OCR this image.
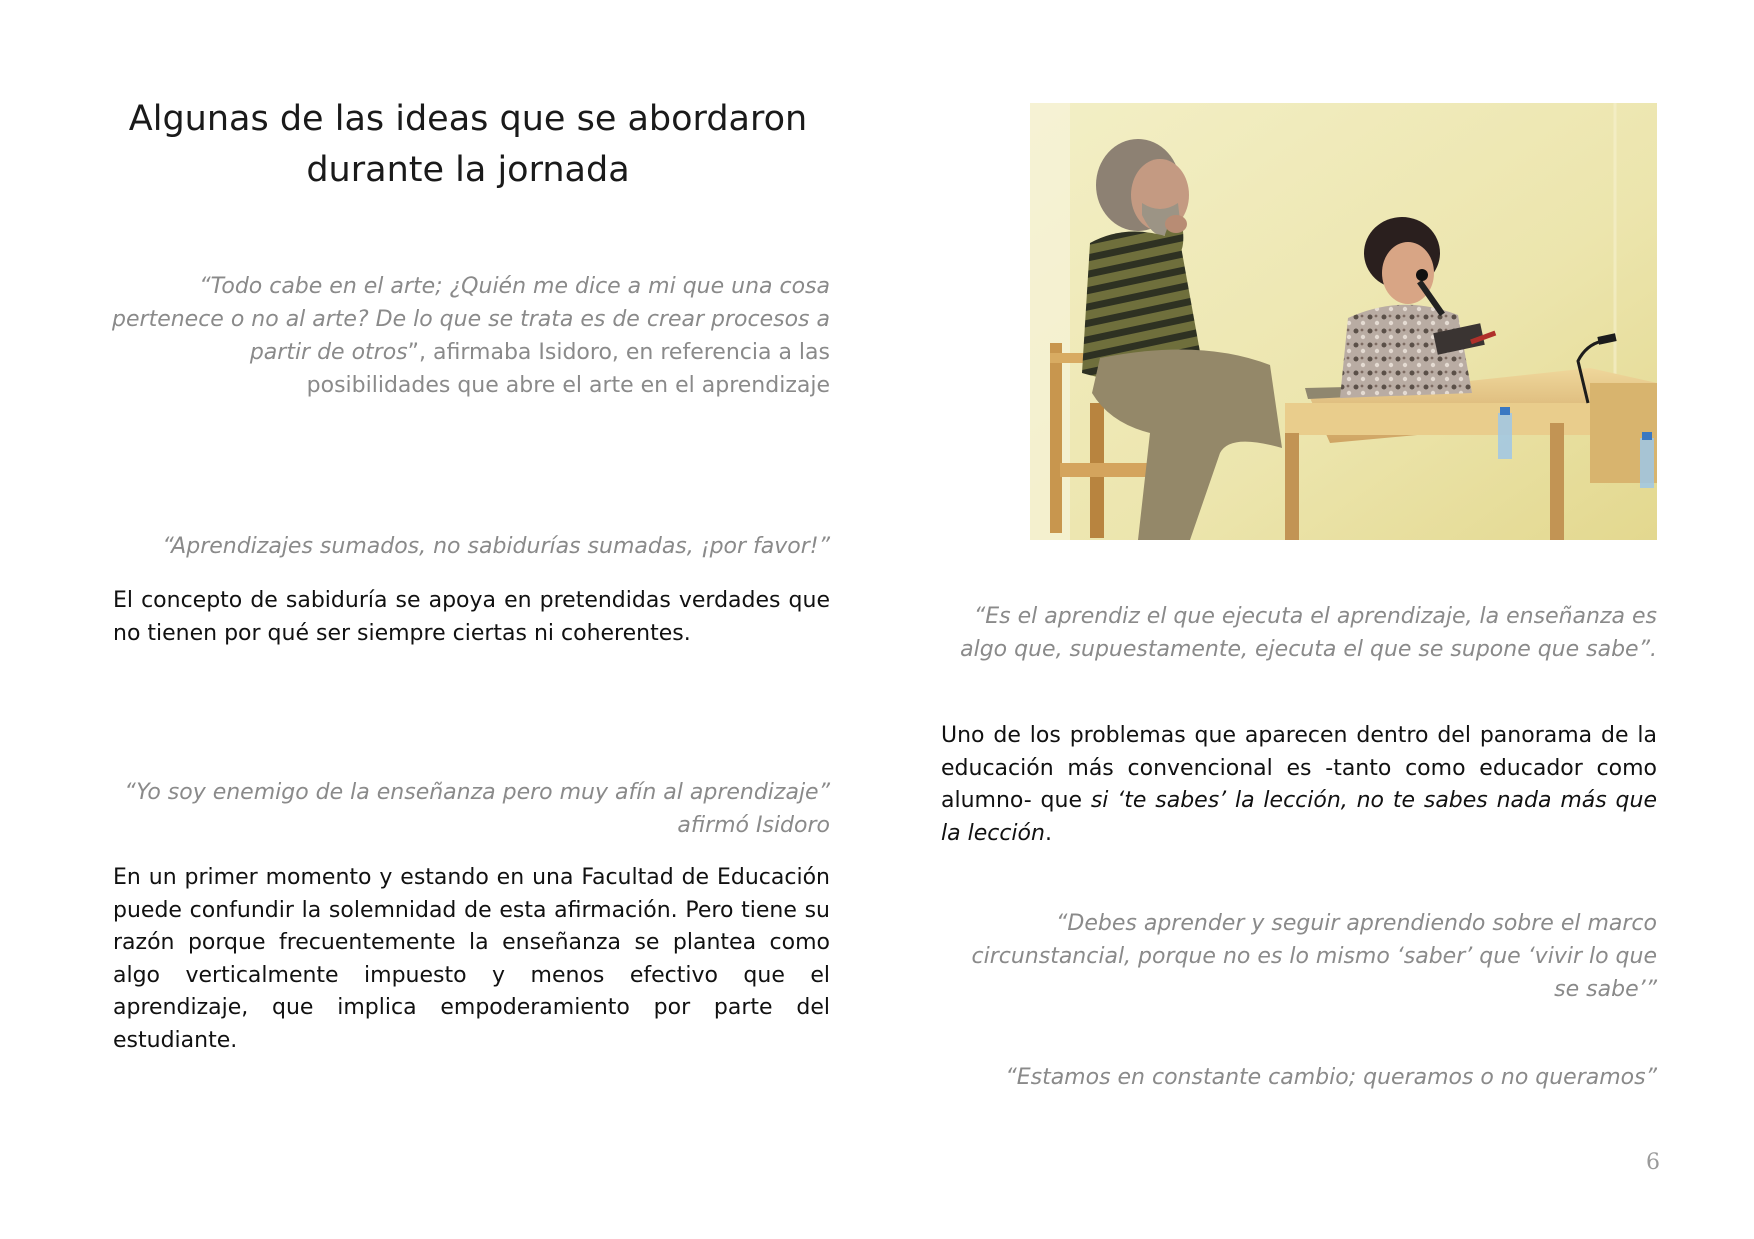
Algunas de las ideas que se abordaron
durante la jornada

“Todo cabe en el arte; ¿Quién me dice a mi que una cosa pertenece o no al arte? De lo que se trata es de crear procesos a partir de otros”, afirmaba Isidoro, en referencia a las posibilidades que abre el arte en el aprendizaje

“Aprendizajes sumados, no sabidurías sumadas, ¡por favor!”

El concepto de sabiduría se apoya en pretendidas verdades que no tienen por qué ser siempre ciertas ni coherentes.

“Yo soy enemigo de la enseñanza pero muy afín al aprendizaje” afirmó Isidoro

En un primer momento y estando en una Facultad de Educación puede confundir la solemnidad de esta afirmación. Pero tiene su razón porque frecuentemente la enseñanza se plantea como algo verticalmente impuesto y menos efectivo que el aprendizaje, que implica empoderamiento por parte del estudiante.

“Es el aprendiz el que ejecuta el aprendizaje, la enseñanza es algo que, supuestamente, ejecuta el que se supone que sabe”.

Uno de los problemas que aparecen dentro del panorama de la educación más convencional es -tanto como educador como alumno- que si ‘te sabes’ la lección, no te sabes nada más que la lección.

“Debes aprender y seguir aprendiendo sobre el marco circunstancial, porque no es lo mismo ‘saber’ que ‘vivir lo que se sabe’”

“Estamos en constante cambio; queramos o no queramos”

6
